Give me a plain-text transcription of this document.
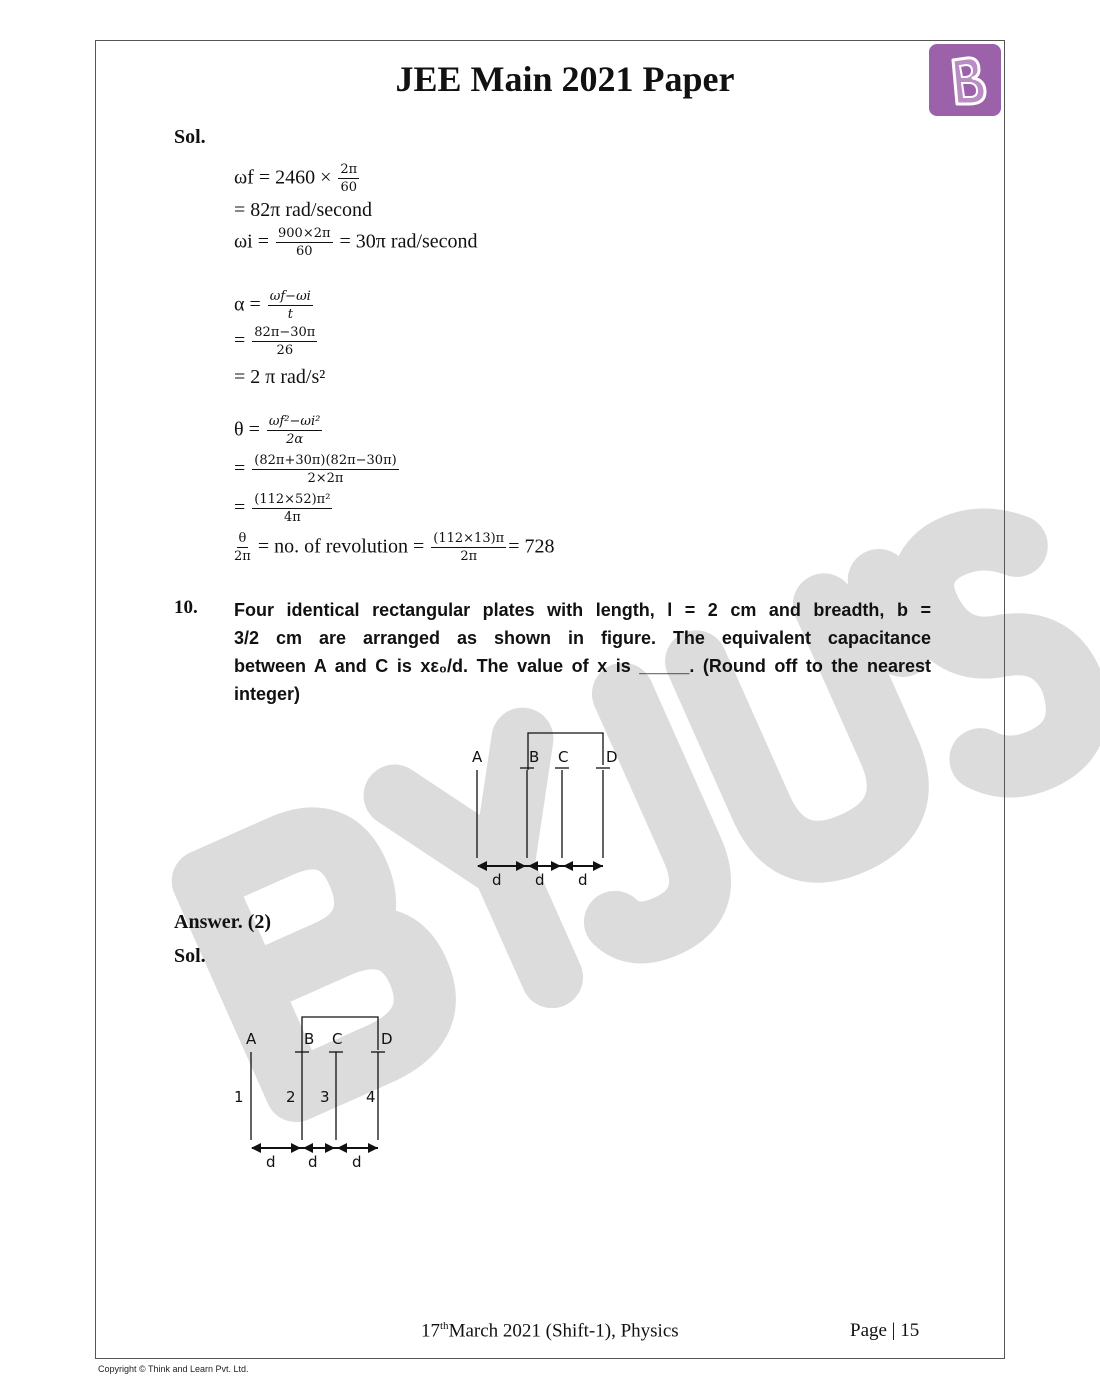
JEE Main 2021 Paper
Sol.
$\omega f = 2460 \times \frac{2\pi}{60}$
= 82π rad/second
$\omega i = \frac{900\times 2\pi}{60} = 30\pi$ rad/second
$\alpha = \frac{\omega f-\omega i}{t}$
= $\frac{82\pi-30\pi}{26}$
= 2 π rad/s²
$\theta = \frac{\text{ωf²−ωi²}}{2\alpha}$
= $\frac{(82\pi+30\pi)(82\pi-30\pi)}{2\times 2\pi}$
= $\frac{\text{(112×52)π²}}{4\pi}$
$\frac{\theta}{2\pi}$ = no. of revolution = $\frac{(112\times 13)\pi}{2\pi} = 728$
10. Four identical rectangular plates with length, l = 2 cm and breadth, b =
3/2 cm are arranged as shown in figure. The equivalent capacitance
between A and C is xε₀/d. The value of x is _____. (Round off to the nearest
integer)
A	B C	D
d d d
Answer. (2)
Sol.
A	B C	D
1	2 3 4
d d d
17thMarch 2021 (Shift-1), Physics	Page | 15
Copyright © Think and Learn Pvt. Ltd.
